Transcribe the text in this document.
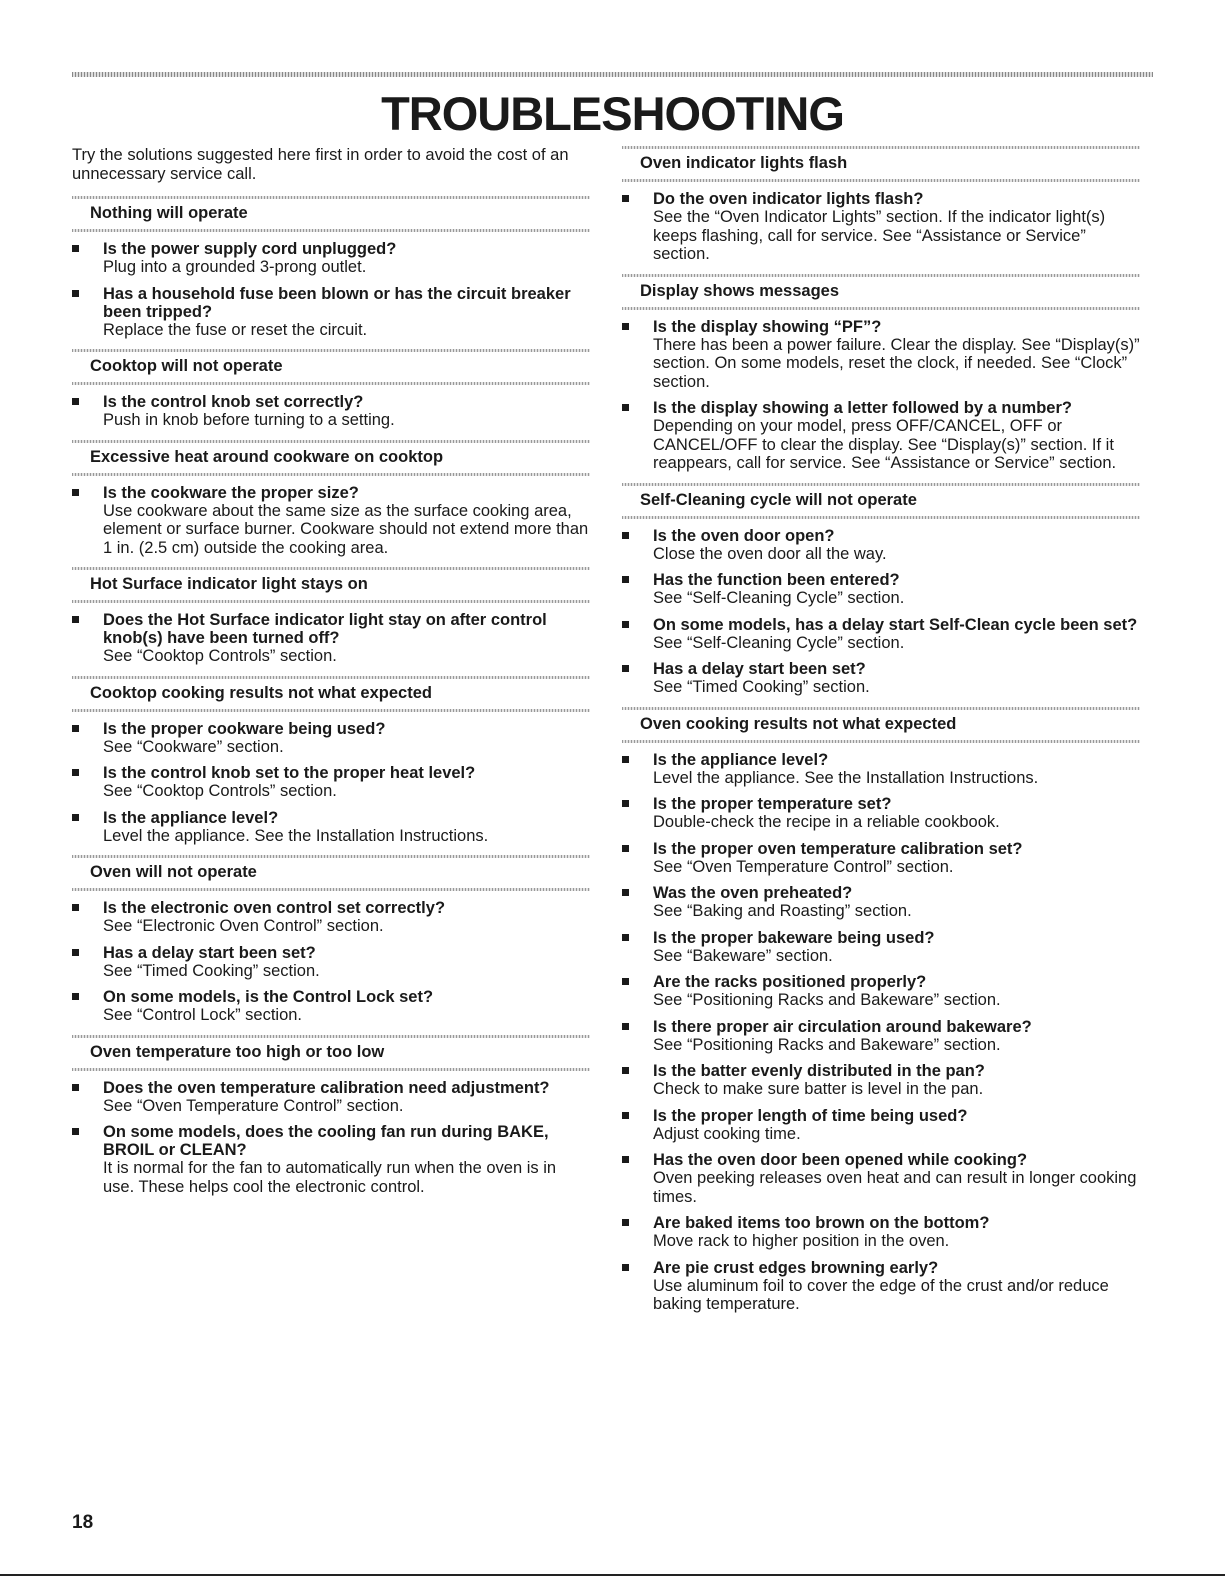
TROUBLESHOOTING

Try the solutions suggested here first in order to avoid the cost of an unnecessary service call.

Nothing will operate
Is the power supply cord unplugged?
Plug into a grounded 3-prong outlet.
Has a household fuse been blown or has the circuit breaker been tripped?
Replace the fuse or reset the circuit.
Cooktop will not operate
Is the control knob set correctly?
Push in knob before turning to a setting.
Excessive heat around cookware on cooktop
Is the cookware the proper size?
Use cookware about the same size as the surface cooking area, element or surface burner. Cookware should not extend more than 1 in. (2.5 cm) outside the cooking area.
Hot Surface indicator light stays on
Does the Hot Surface indicator light stay on after control knob(s) have been turned off?
See “Cooktop Controls” section.
Cooktop cooking results not what expected
Is the proper cookware being used?
See “Cookware” section.
Is the control knob set to the proper heat level?
See “Cooktop Controls” section.
Is the appliance level?
Level the appliance. See the Installation Instructions.
Oven will not operate
Is the electronic oven control set correctly?
See “Electronic Oven Control” section.
Has a delay start been set?
See “Timed Cooking” section.
On some models, is the Control Lock set?
See “Control Lock” section.
Oven temperature too high or too low
Does the oven temperature calibration need adjustment?
See “Oven Temperature Control” section.
On some models, does the cooling fan run during BAKE, BROIL or CLEAN?
It is normal for the fan to automatically run when the oven is in use. These helps cool the electronic control.
Oven indicator lights flash
Do the oven indicator lights flash?
See the “Oven Indicator Lights” section. If the indicator light(s) keeps flashing, call for service. See “Assistance or Service” section.
Display shows messages
Is the display showing “PF”?
There has been a power failure. Clear the display. See “Display(s)” section. On some models, reset the clock, if needed. See “Clock” section.
Is the display showing a letter followed by a number?
Depending on your model, press OFF/CANCEL, OFF or CANCEL/OFF to clear the display. See “Display(s)” section. If it reappears, call for service. See “Assistance or Service” section.
Self-Cleaning cycle will not operate
Is the oven door open?
Close the oven door all the way.
Has the function been entered?
See “Self-Cleaning Cycle” section.
On some models, has a delay start Self-Clean cycle been set?
See “Self-Cleaning Cycle” section.
Has a delay start been set?
See “Timed Cooking” section.
Oven cooking results not what expected
Is the appliance level?
Level the appliance. See the Installation Instructions.
Is the proper temperature set?
Double-check the recipe in a reliable cookbook.
Is the proper oven temperature calibration set?
See “Oven Temperature Control” section.
Was the oven preheated?
See “Baking and Roasting” section.
Is the proper bakeware being used?
See “Bakeware” section.
Are the racks positioned properly?
See “Positioning Racks and Bakeware” section.
Is there proper air circulation around bakeware?
See “Positioning Racks and Bakeware” section.
Is the batter evenly distributed in the pan?
Check to make sure batter is level in the pan.
Is the proper length of time being used?
Adjust cooking time.
Has the oven door been opened while cooking?
Oven peeking releases oven heat and can result in longer cooking times.
Are baked items too brown on the bottom?
Move rack to higher position in the oven.
Are pie crust edges browning early?
Use aluminum foil to cover the edge of the crust and/or reduce baking temperature.
18
